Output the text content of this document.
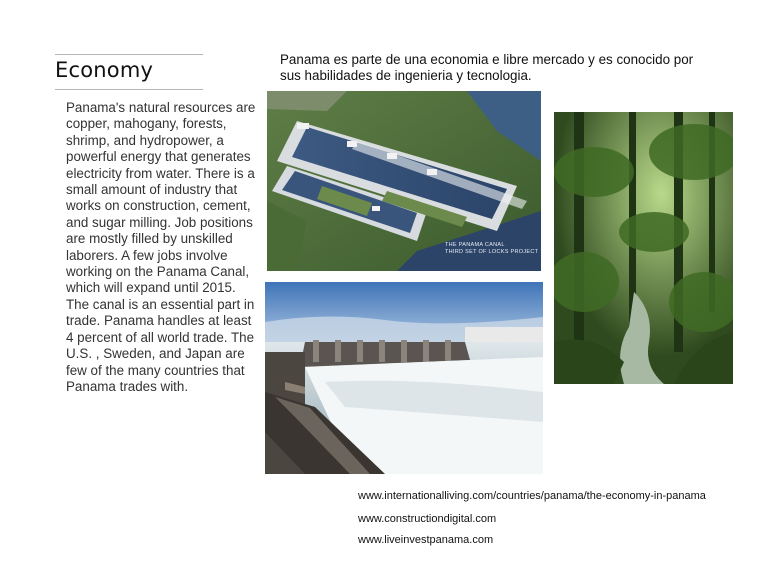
Economy
Panama's natural resources are copper, mahogany, forests, shrimp, and hydropower, a powerful energy that generates electricity from water. There is a small amount of industry that works on construction, cement, and sugar milling. Job positions are mostly filled by unskilled laborers. A few jobs involve working on the Panama Canal, which will expand until 2015. The canal is an essential part in trade. Panama handles at least 4 percent of all world trade. The U.S. , Sweden, and Japan are few of the many countries that Panama trades with.
Panama es parte de una economia e libre mercado y es conocido por sus habilidades de ingenieria y tecnologia.
THE PANAMA CANAL
THIRD SET OF LOCKS PROJECT
www.internationalliving.com/countries/panama/the-economy-in-panama
www.constructiondigital.com
www.liveinvestpanama.com
